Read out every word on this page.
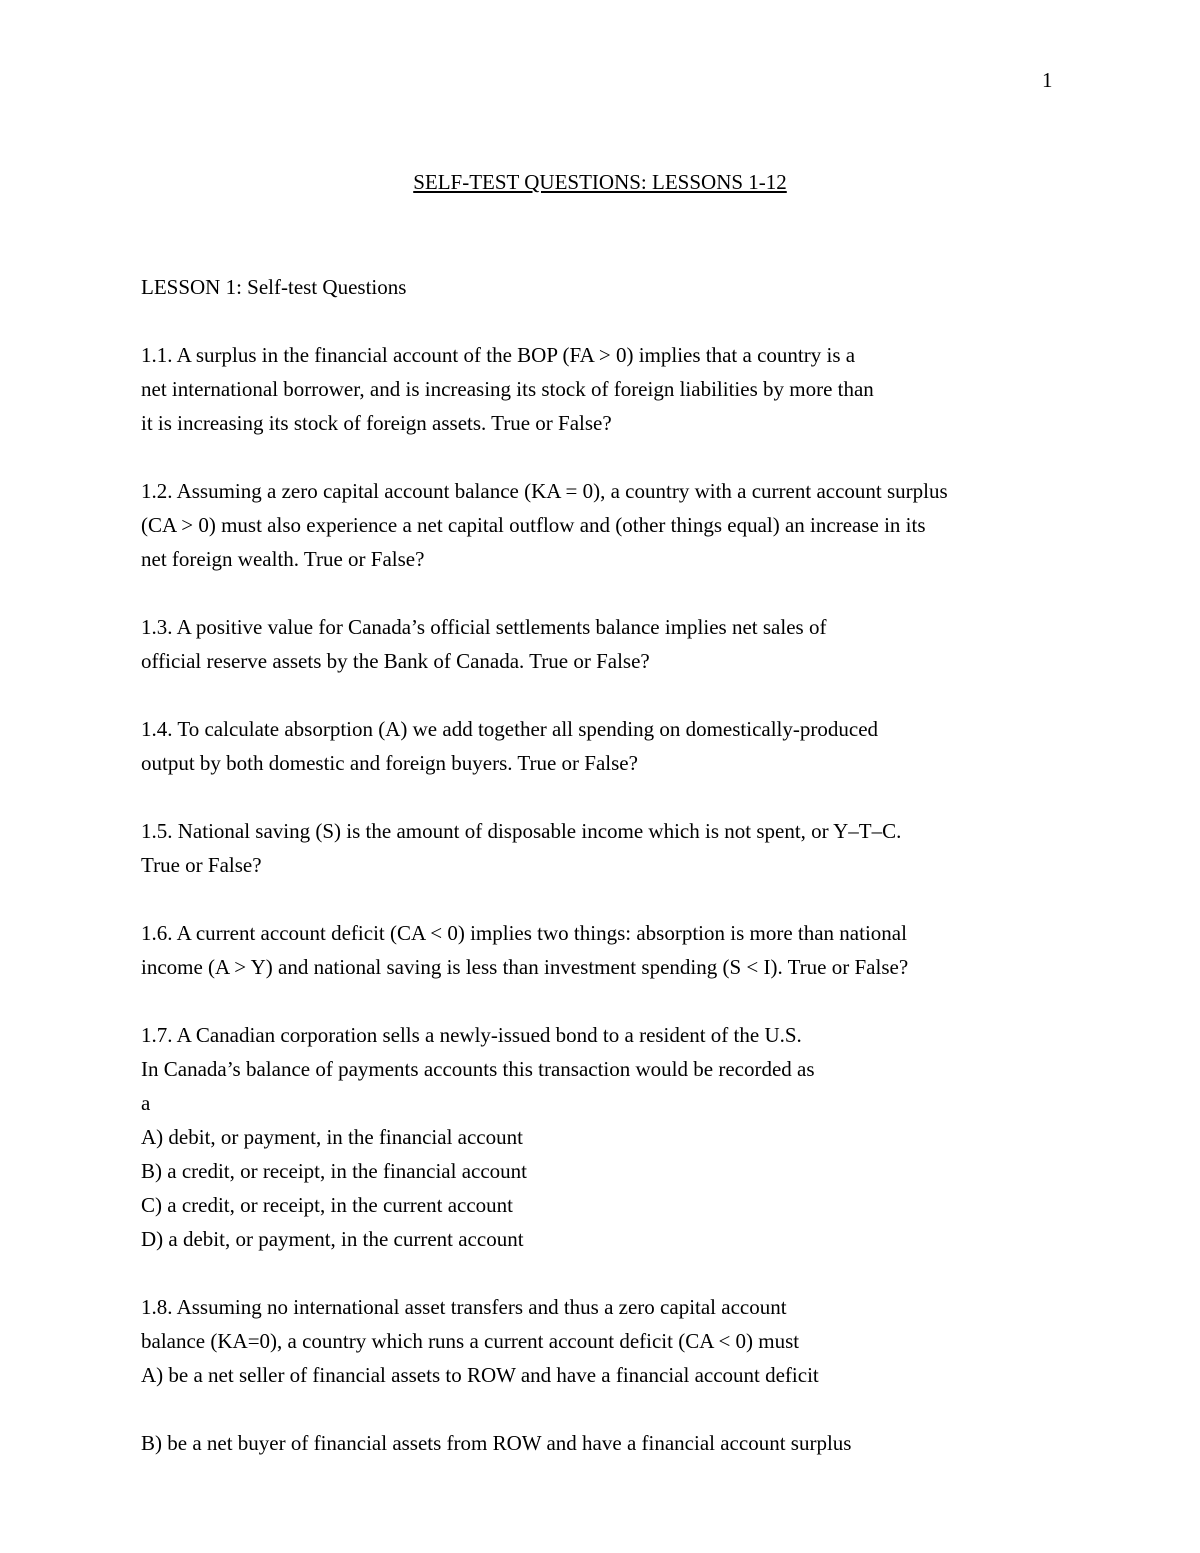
1
SELF-TEST QUESTIONS: LESSONS 1-12
LESSON 1: Self-test Questions
1.1. A surplus in the financial account of the BOP (FA > 0) implies that a country is a
net international borrower, and is increasing its stock of foreign liabilities by more than
it is increasing its stock of foreign assets. True or False?
1.2. Assuming a zero capital account balance (KA = 0), a country with a current account surplus
(CA > 0) must also experience a net capital outflow and (other things equal) an increase in its
net foreign wealth. True or False?
1.3. A positive value for Canada’s official settlements balance implies net sales of
official reserve assets by the Bank of Canada. True or False?
1.4. To calculate absorption (A) we add together all spending on domestically-produced
output by both domestic and foreign buyers. True or False?
1.5. National saving (S) is the amount of disposable income which is not spent, or Y–T–C.
True or False?
1.6. A current account deficit (CA < 0) implies two things: absorption is more than national
income (A > Y) and national saving is less than investment spending (S < I). True or False?
1.7. A Canadian corporation sells a newly-issued bond to a resident of the U.S.
In Canada’s balance of payments accounts this transaction would be recorded as
a
A) debit, or payment, in the financial account
B) a credit, or receipt, in the financial account
C) a credit, or receipt, in the current account
D) a debit, or payment, in the current account
1.8. Assuming no international asset transfers and thus a zero capital account
balance (KA=0), a country which runs a current account deficit (CA < 0) must
A) be a net seller of financial assets to ROW and have a financial account deficit
B) be a net buyer of financial assets from ROW and have a financial account surplus
